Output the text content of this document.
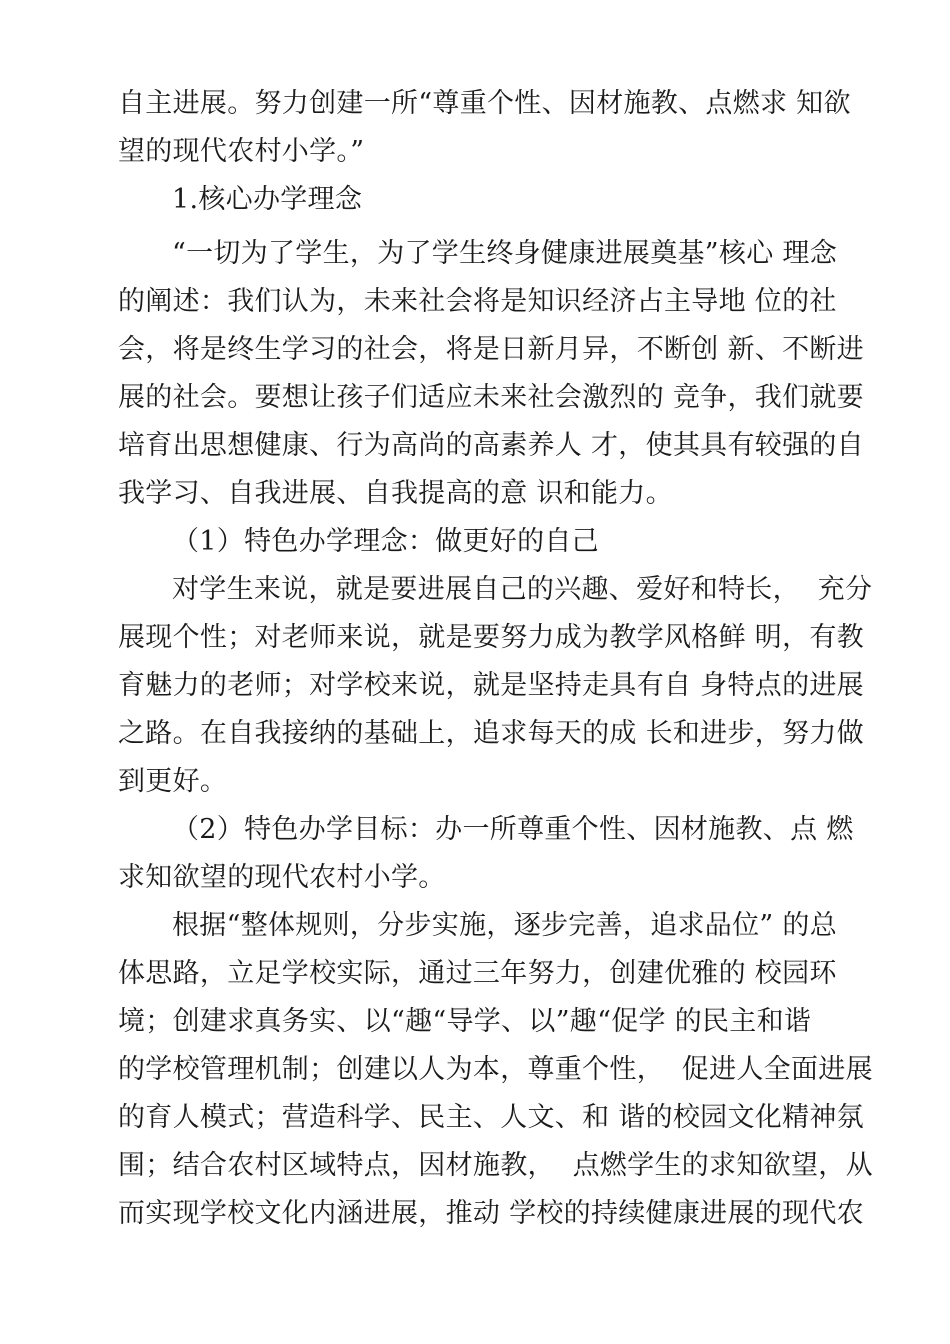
自主进展。努力创建一所“尊重个性、因材施教、点燃求 知欲
望的现代农村小学。”
1.核心办学理念
“一切为了学生，为了学生终身健康进展奠基”核心 理念
的阐述：我们认为，未来社会将是知识经济占主导地 位的社
会，将是终生学习的社会，将是日新月异，不断创 新、不断进
展的社会。要想让孩子们适应未来社会激烈的 竞争，我们就要
培育出思想健康、行为高尚的高素养人 才，使其具有较强的自
我学习、自我进展、自我提高的意 识和能力。
（1）特色办学理念：做更好的自己
对学生来说，就是要进展自己的兴趣、爱好和特长，  充分
展现个性；对老师来说，就是要努力成为教学风格鲜 明，有教
育魅力的老师；对学校来说，就是坚持走具有自 身特点的进展
之路。在自我接纳的基础上，追求每天的成 长和进步，努力做
到更好。
（2）特色办学目标：办一所尊重个性、因材施教、点 燃
求知欲望的现代农村小学。
根据“整体规则，分步实施，逐步完善，追求品位” 的总
体思路，立足学校实际，通过三年努力，创建优雅的 校园环
境；创建求真务实、以“趣“导学、以”趣“促学 的民主和谐
的学校管理机制；创建以人为本，尊重个性，  促进人全面进展
的育人模式；营造科学、民主、人文、和 谐的校园文化精神氛
围；结合农村区域特点，因材施教，  点燃学生的求知欲望，从
而实现学校文化内涵进展，推动 学校的持续健康进展的现代农
